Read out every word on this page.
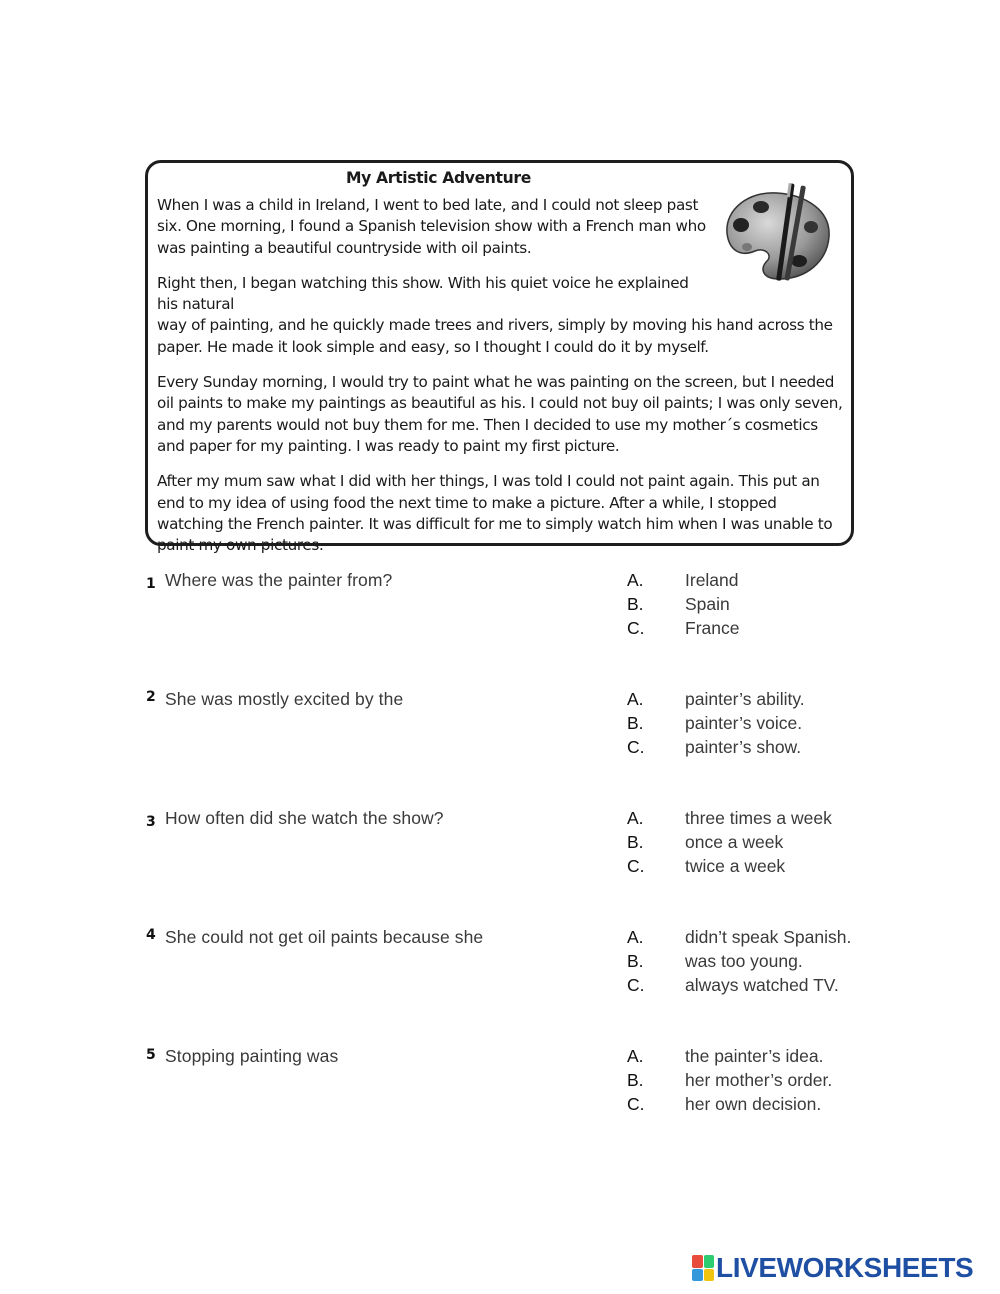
My Artistic Adventure

When I was a child in Ireland, I went to bed late, and I could not sleep past six. One morning, I found a Spanish television show with a French man who was painting a beautiful countryside with oil paints.

Right then, I began watching this show. With his quiet voice he explained his natural
way of painting, and he quickly made trees and rivers, simply by moving his hand across the paper. He made it look simple and easy, so I thought I could do it by myself.

Every Sunday morning, I would try to paint what he was painting on the screen, but I needed oil paints to make my paintings as beautiful as his. I could not buy oil paints; I was only seven, and my parents would not buy them for me. Then I decided to use my mother´s cosmetics and paper for my painting. I was ready to paint my first picture.

After my mum saw what I did with her things, I was told I could not paint again. This put an end to my idea of using food the next time to make a picture. After a while, I stopped watching the French painter. It was difficult for me to simply watch him when I was unable to paint my own pictures.

1 Where was the painter from?	A. Ireland
B. Spain
C. France
2 She was mostly excited by the	A. painter’s ability.
B. painter’s voice.
C. painter’s show.
3 How often did she watch the show?	A. three times a week
B. once a week
C. twice a week
4 She could not get oil paints because she	A. didn’t speak Spanish.
B. was too young.
C. always watched TV.
5 Stopping painting was	A. the painter’s idea.
B. her mother’s order.
C. her own decision.
LIVEWORKSHEETS
